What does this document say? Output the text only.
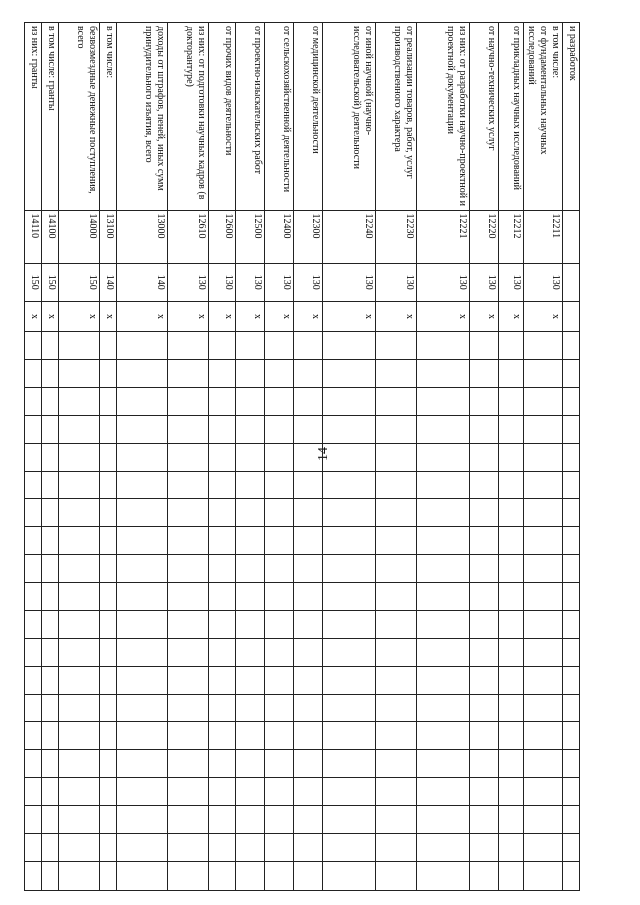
14
и разработок																							
в том числе:
от фундаментальных научных исследований	12211	130	х																				
от прикладных научных исследований	12212	130	х																				
от научно-технических услуг	12220	130	х																				
из них: от разработки научно-проектной и проектной документации	12221	130	х																				
от реализации товаров, работ, услуг производственного характера	12230	130	х																				
от иной научной (научно-исследовательской) деятельности	12240	130	х																				
от медицинской деятельности	12300	130	х																				
от сельскохозяйственной деятельности	12400	130	х																				
от проектно-изыскательских работ	12500	130	х																				
от прочих видов деятельности	12600	130	х																				
из них: от подготовки научных кадров (в докторантуре)	12610	130	х																				
доходы от штрафов, пеней, иных сумм принудительного изъятия, всего	13000	140	х																				
в том числе:	13100	140	х																				
безвозмездные денежные поступления, всего	14000	150	х																				
в том числе: гранты	14100	150	х																				
из них: гранты	14110	150	х																				
